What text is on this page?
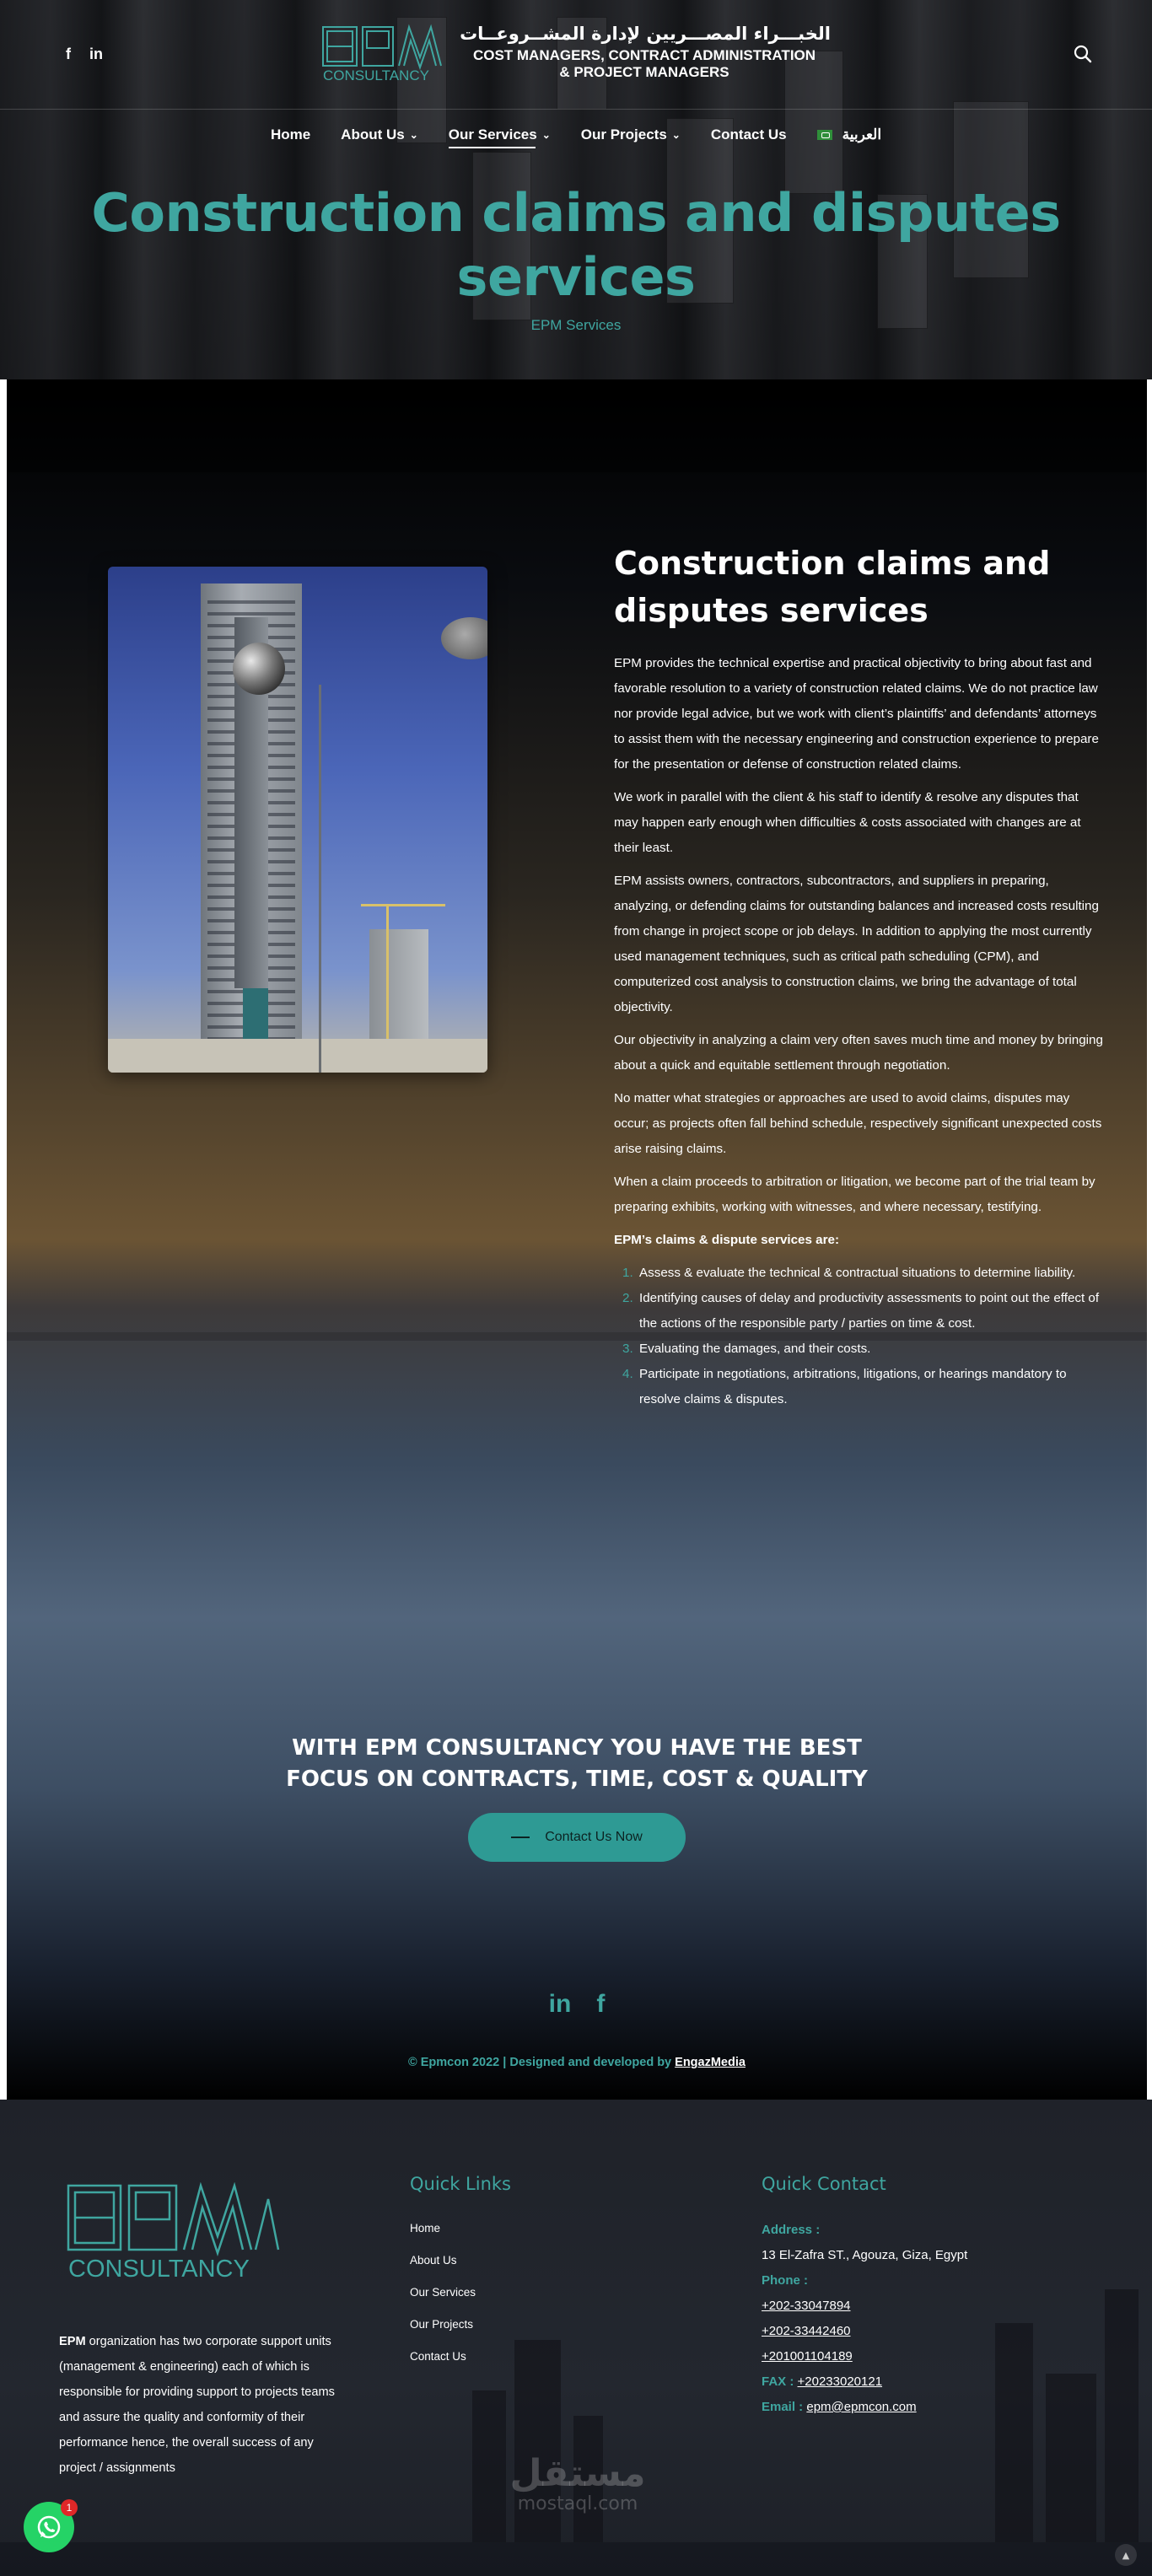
f in
CONSULTANCY
الخبـــراء المصـــريين لإدارة المشــروعــات
COST MANAGERS, CONTRACT ADMINISTRATION
& PROJECT MANAGERS
Home About Us ⌄ Our Services ⌄ Our Projects ⌄ Contact Us	العربية
Construction claims and disputes
services
EPM Services
Construction claims and
disputes services

EPM provides the technical expertise and practical objectivity to bring about fast and favorable resolution to a variety of construction related claims. We do not practice law nor provide legal advice, but we work with client’s plaintiffs’ and defendants’ attorneys to assist them with the necessary engineering and construction experience to prepare for the presentation or defense of construction related claims.

We work in parallel with the client & his staff to identify & resolve any disputes that may happen early enough when difficulties & costs associated with changes are at their least.

EPM assists owners, contractors, subcontractors, and suppliers in preparing, analyzing, or defending claims for outstanding balances and increased costs resulting from change in project scope or job delays. In addition to applying the most currently used management techniques, such as critical path scheduling (CPM), and computerized cost analysis to construction claims, we bring the advantage of total objectivity.

Our objectivity in analyzing a claim very often saves much time and money by bringing about a quick and equitable settlement through negotiation.

No matter what strategies or approaches are used to avoid claims, disputes may occur; as projects often fall behind schedule, respectively significant unexpected costs arise raising claims.

When a claim proceeds to arbitration or litigation, we become part of the trial team by preparing exhibits, working with witnesses, and where necessary, testifying.

EPM’s claims & dispute services are:

1. Assess & evaluate the technical & contractual situations to determine liability.
2. Identifying causes of delay and productivity assessments to point out the effect of the actions of the responsible party / parties on time & cost.
3. Evaluating the damages, and their costs.
4. Participate in negotiations, arbitrations, litigations, or hearings mandatory to resolve claims & disputes.
WITH EPM CONSULTANCY YOU HAVE THE BEST
FOCUS ON CONTRACTS, TIME, COST & QUALITY
Contact Us Now
in f
© Epmcon 2022 | Designed and developed by EngazMedia
CONSULTANCY
EPM organization has two corporate support units (management & engineering) each of which is responsible for providing support to projects teams and assure the quality and conformity of their performance hence, the overall success of any project / assignments
Quick Links
Home
About Us
Our Services
Our Projects
Contact Us
Quick Contact
Address :
13 El-Zafra ST., Agouza, Giza, Egypt
Phone :
+202-33047894
+202-33442460
+201001104189
FAX : +20233020121
Email : epm@epmcon.com
مستقل
mostaql.com
1
▲
